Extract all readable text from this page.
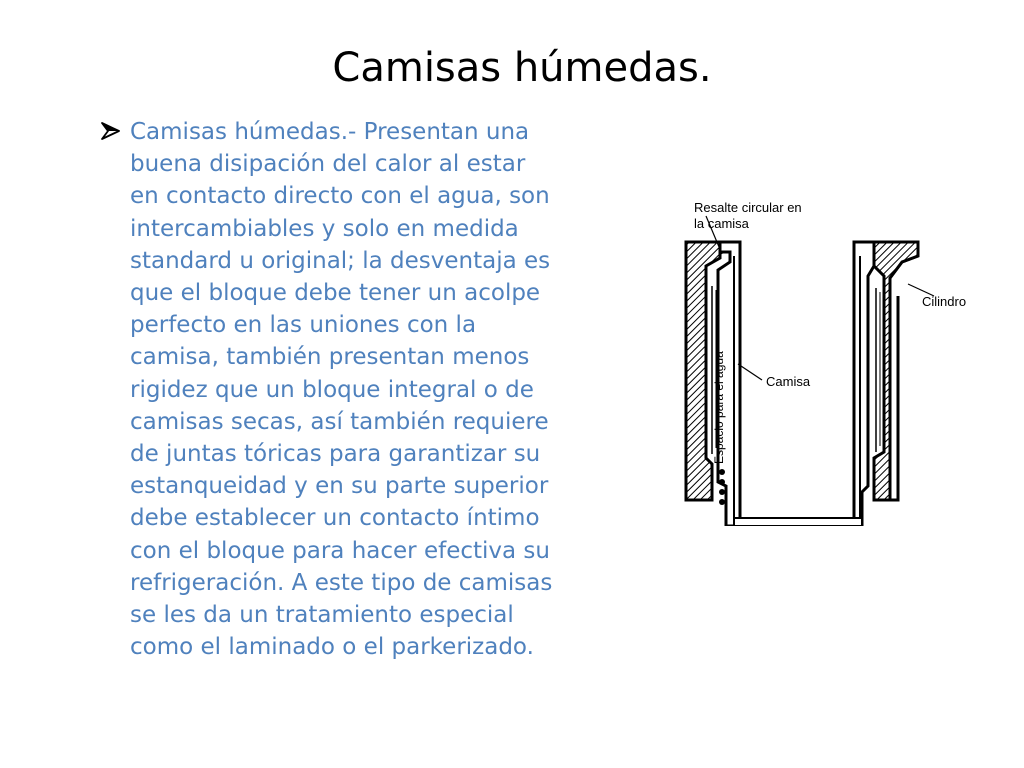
Camisas húmedas.

Camisas húmedas.- Presentan una
buena disipación del calor al estar
en contacto directo con el agua, son
intercambiables y solo en medida
standard u original; la desventaja es
que el bloque debe tener un acolpe
perfecto en las uniones con la
camisa, también presentan menos
rigidez que un bloque integral o de
camisas secas, así también requiere
de juntas tóricas para garantizar su
estanqueidad y en su parte superior
debe establecer un contacto íntimo
con el bloque para hacer efectiva su
refrigeración. A este tipo de camisas
se les da un tratamiento especial
como el laminado o el parkerizado.

Resalte circular en
la camisa
Cilindro
Camisa
Espacio para el agua
